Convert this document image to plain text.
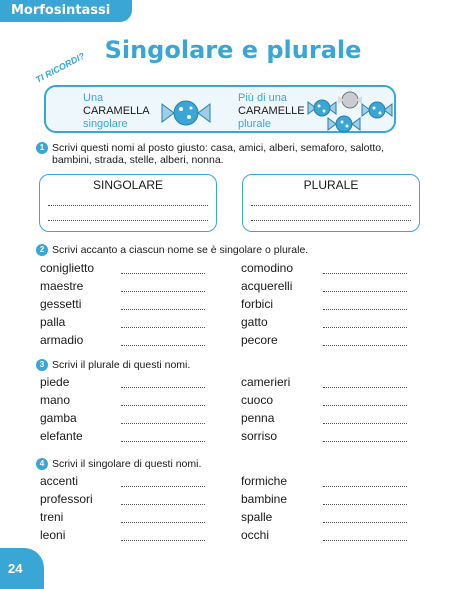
Morfosintassi
Singolare e plurale
TI RICORDI?
Una
CARAMELLA
singolare
Più di una
CARAMELLE
plurale
1 Scrivi questi nomi al posto giusto: casa, amici, alberi, semaforo, salotto,
bambini, strada, stelle, alberi, nonna.
SINGOLARE	PLURALE
2 Scrivi accanto a ciascun nome se è singolare o plurale.
coniglietto
maestre
gessetti
palla
armadio
comodino
acquerelli
forbici
gatto
pecore
3 Scrivi il plurale di questi nomi.
piede
mano
gamba
elefante
camerieri
cuoco
penna
sorriso
4 Scrivi il singolare di questi nomi.
accenti
professori
treni
leoni
formiche
bambine
spalle
occhi
24
